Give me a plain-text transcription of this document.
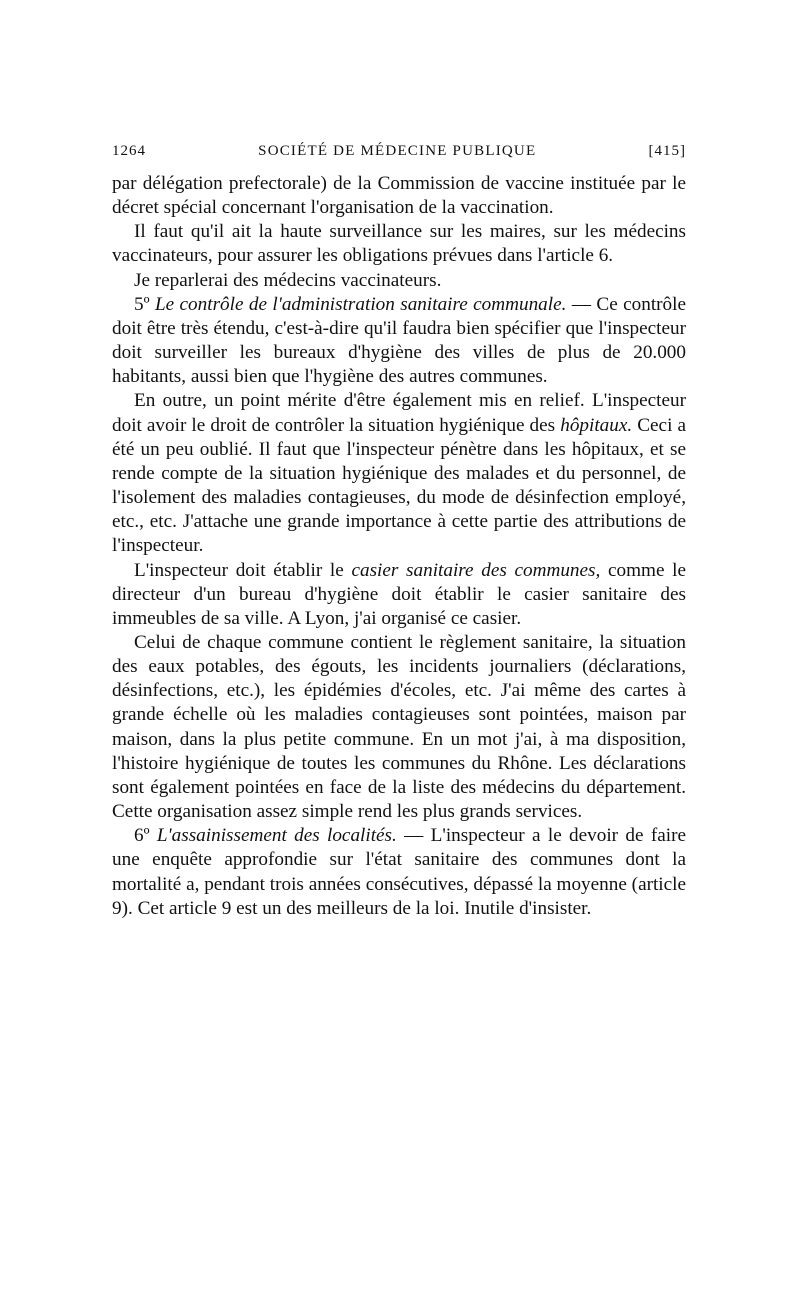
1264	SOCIÉTÉ DE MÉDECINE PUBLIQUE	[415]

par délégation prefectorale) de la Commission de vaccine instituée par le décret spécial concernant l'organisation de la vaccination.

Il faut qu'il ait la haute surveillance sur les maires, sur les médecins vaccinateurs, pour assurer les obligations prévues dans l'article 6.

Je reparlerai des médecins vaccinateurs.

5º Le contrôle de l'administration sanitaire communale. — Ce contrôle doit être très étendu, c'est-à-dire qu'il faudra bien spécifier que l'inspecteur doit surveiller les bureaux d'hygiène des villes de plus de 20.000 habitants, aussi bien que l'hygiène des autres communes.

En outre, un point mérite d'être également mis en relief. L'inspecteur doit avoir le droit de contrôler la situation hygiénique des hôpitaux. Ceci a été un peu oublié. Il faut que l'inspecteur pénètre dans les hôpitaux, et se rende compte de la situation hygiénique des malades et du personnel, de l'isolement des maladies contagieuses, du mode de désinfection employé, etc., etc. J'attache une grande importance à cette partie des attributions de l'inspecteur.

L'inspecteur doit établir le casier sanitaire des communes, comme le directeur d'un bureau d'hygiène doit établir le casier sanitaire des immeubles de sa ville. A Lyon, j'ai organisé ce casier.

Celui de chaque commune contient le règlement sanitaire, la situation des eaux potables, des égouts, les incidents journaliers (déclarations, désinfections, etc.), les épidémies d'écoles, etc. J'ai même des cartes à grande échelle où les maladies contagieuses sont pointées, maison par maison, dans la plus petite commune. En un mot j'ai, à ma disposition, l'histoire hygiénique de toutes les communes du Rhône. Les déclarations sont également pointées en face de la liste des médecins du département. Cette organisation assez simple rend les plus grands services.

6º L'assainissement des localités. — L'inspecteur a le devoir de faire une enquête approfondie sur l'état sanitaire des communes dont la mortalité a, pendant trois années consécutives, dépassé la moyenne (article 9). Cet article 9 est un des meilleurs de la loi. Inutile d'insister.
